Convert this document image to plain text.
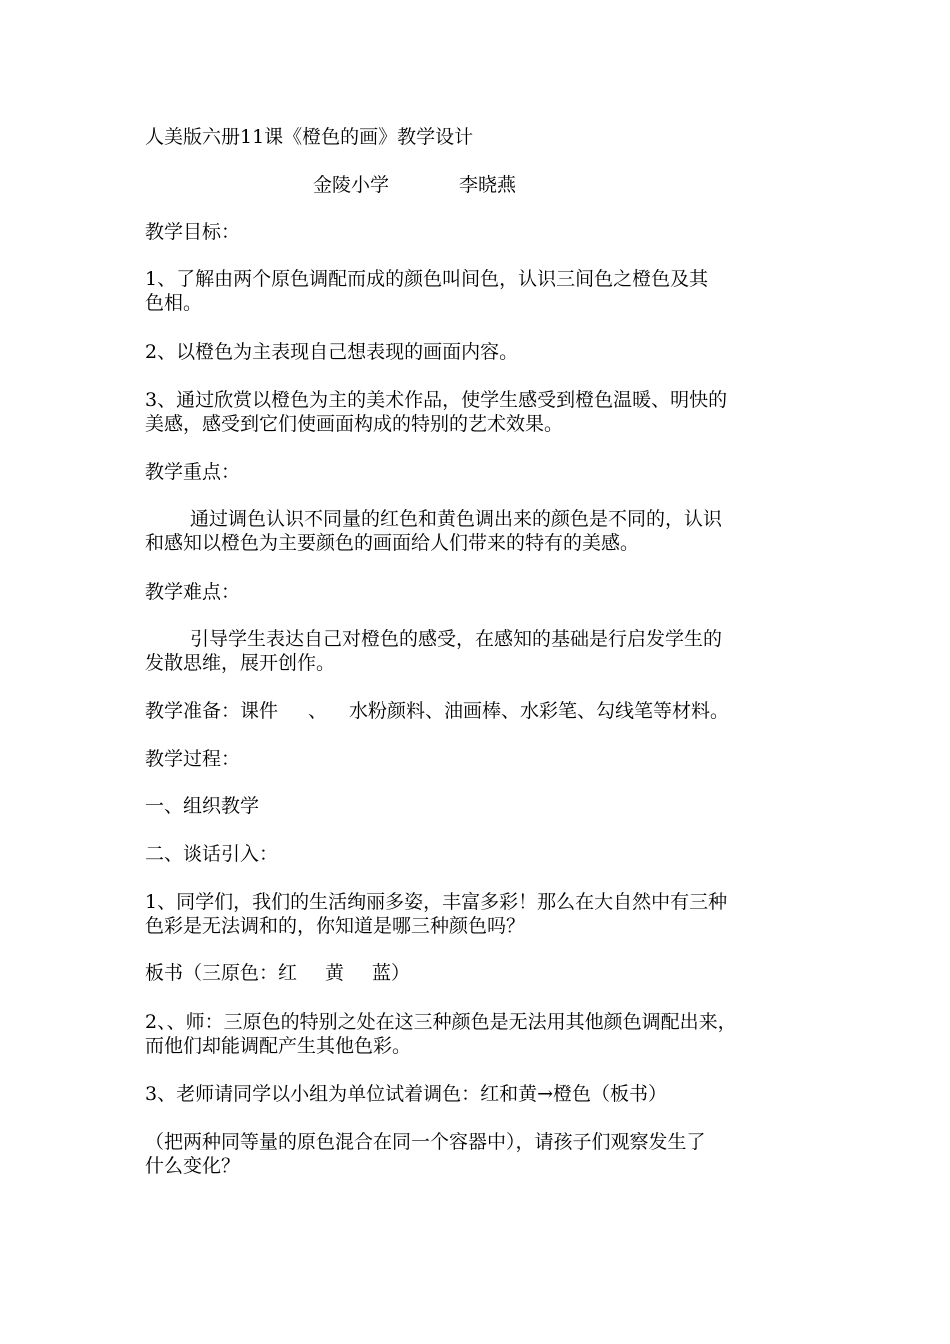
人美版六册11课《橙色的画》教学设计
金陵小学	李晓燕
教学目标：
1、了解由两个原色调配而成的颜色叫间色，认识三间色之橙色及其
色相。
2、以橙色为主表现自己想表现的画面内容。
3、通过欣赏以橙色为主的美术作品，使学生感受到橙色温暖、明快的
美感，感受到它们使画面构成的特别的艺术效果。
教学重点：
通过调色认识不同量的红色和黄色调出来的颜色是不同的，认识
和感知以橙色为主要颜色的画面给人们带来的特有的美感。
教学难点：
引导学生表达自己对橙色的感受，在感知的基础是行启发学生的
发散思维，展开创作。
教学准备：课件 、 水粉颜料、油画棒、水彩笔、勾线笔等材料。
教学过程：
一、组织教学
二、谈话引入：
1、同学们，我们的生活绚丽多姿，丰富多彩！那么在大自然中有三种
色彩是无法调和的，你知道是哪三种颜色吗？
板书（三原色：红 黄 蓝）
2、、师：三原色的特别之处在这三种颜色是无法用其他颜色调配出来，
而他们却能调配产生其他色彩。
3、老师请同学以小组为单位试着调色：红和黄→橙色（板书）
（把两种同等量的原色混合在同一个容器中），请孩子们观察发生了
什么变化？
